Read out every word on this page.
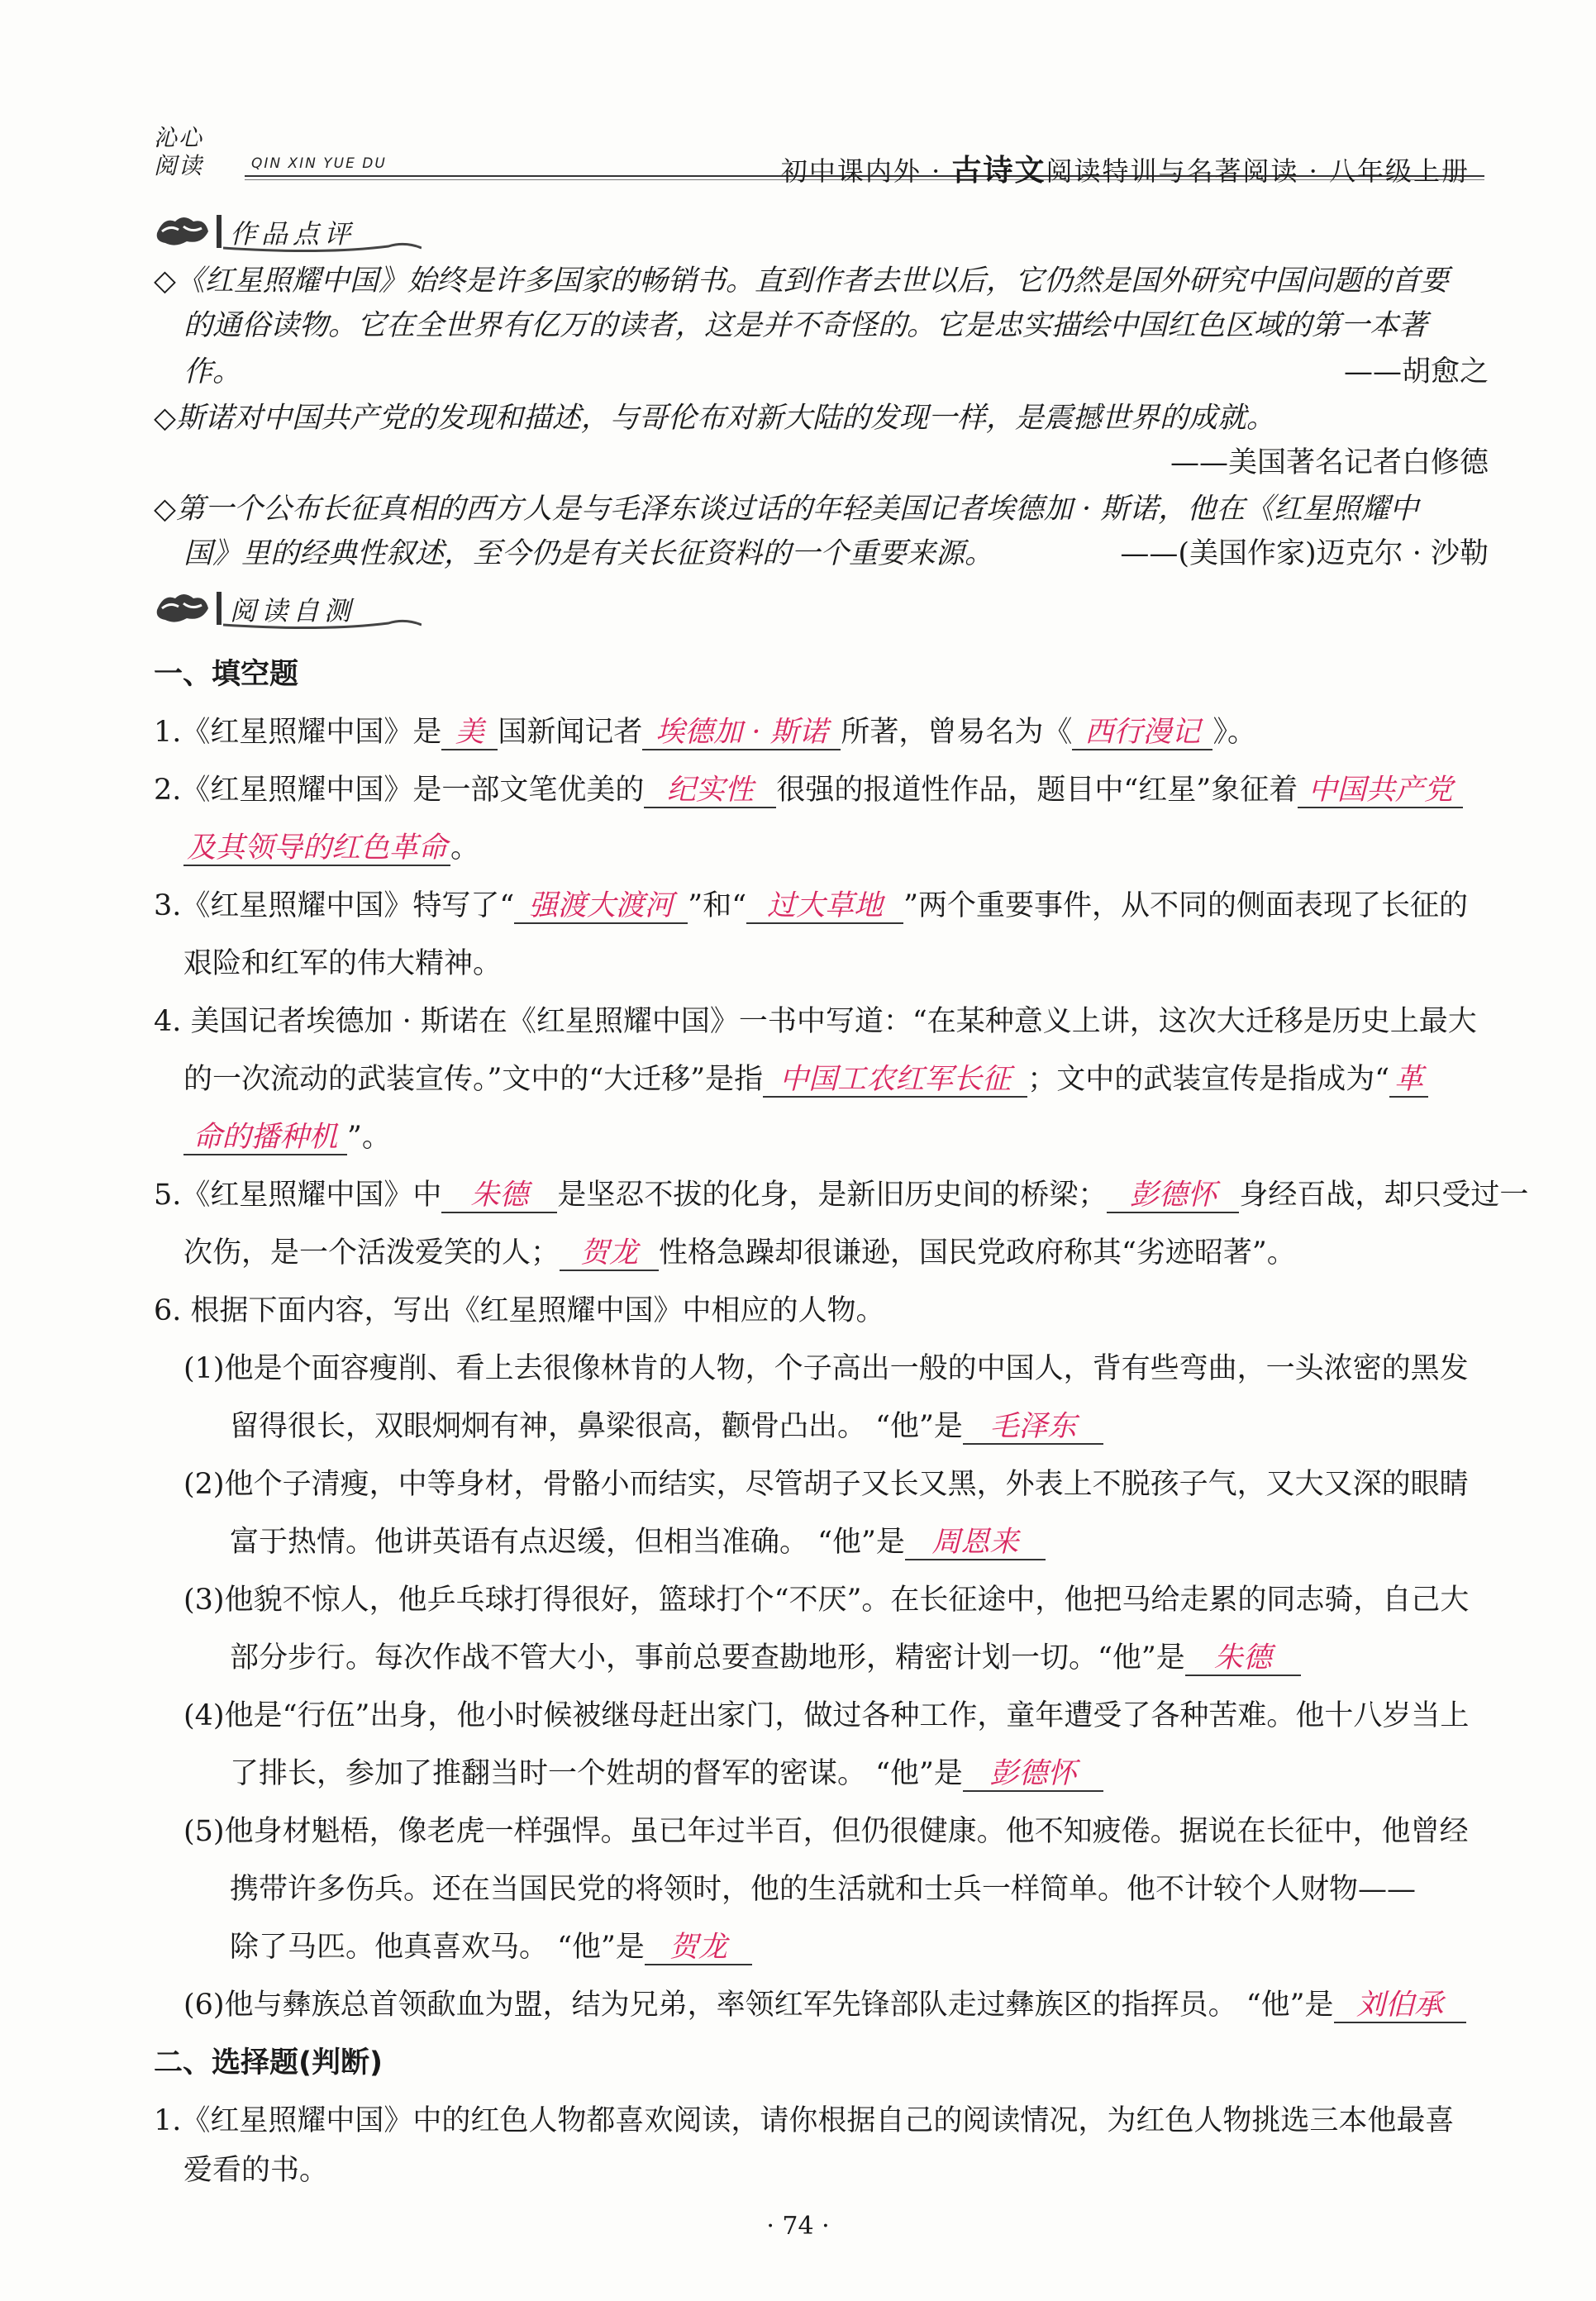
沁心
阅读	QIN XIN YUE DU	初中课内外 · 古诗文阅读特训与名著阅读 · 八年级上册
作品点评
◇《红星照耀中国》始终是许多国家的畅销书。直到作者去世以后，它仍然是国外研究中国问题的首要
的通俗读物。它在全世界有亿万的读者，这是并不奇怪的。它是忠实描绘中国红色区域的第一本著
作。	——胡愈之
◇斯诺对中国共产党的发现和描述，与哥伦布对新大陆的发现一样，是震撼世界的成就。
——美国著名记者白修德
◇第一个公布长征真相的西方人是与毛泽东谈过话的年轻美国记者埃德加 · 斯诺，他在《红星照耀中
国》里的经典性叙述，至今仍是有关长征资料的一个重要来源。	——(美国作家)迈克尔 · 沙勒
阅读自测
一、填空题
1.《红星照耀中国》是 美 国新闻记者 埃德加 · 斯诺 所著，曾易名为《 西行漫记 》。
2.《红星照耀中国》是一部文笔优美的 纪实性 很强的报道性作品，题目中“红星”象征着 中国共产党
及其领导的红色革命 。
3.《红星照耀中国》特写了“ 强渡大渡河 ”和“ 过大草地 ”两个重要事件，从不同的侧面表现了长征的
艰险和红军的伟大精神。
4. 美国记者埃德加 · 斯诺在《红星照耀中国》一书中写道：“在某种意义上讲，这次大迁移是历史上最大
的一次流动的武装宣传。”文中的“大迁移”是指 中国工农红军长征 ；文中的武装宣传是指成为“ 革
命的播种机 ”。
5.《红星照耀中国》中 朱德 是坚忍不拔的化身，是新旧历史间的桥梁； 彭德怀 身经百战，却只受过一
次伤，是一个活泼爱笑的人； 贺龙 性格急躁却很谦逊，国民党政府称其“劣迹昭著”。
6. 根据下面内容，写出《红星照耀中国》中相应的人物。
(1)他是个面容瘦削、看上去很像林肯的人物，个子高出一般的中国人，背有些弯曲，一头浓密的黑发
留得很长，双眼炯炯有神，鼻梁很高，颧骨凸出。 “他”是 毛泽东
(2)他个子清瘦，中等身材，骨骼小而结实，尽管胡子又长又黑，外表上不脱孩子气，又大又深的眼睛
富于热情。他讲英语有点迟缓，但相当准确。 “他”是 周恩来
(3)他貌不惊人，他乒乓球打得很好，篮球打个“不厌”。在长征途中，他把马给走累的同志骑，自己大
部分步行。每次作战不管大小，事前总要查勘地形，精密计划一切。“他”是 朱德
(4)他是“行伍”出身，他小时候被继母赶出家门，做过各种工作，童年遭受了各种苦难。他十八岁当上
了排长，参加了推翻当时一个姓胡的督军的密谋。 “他”是 彭德怀
(5)他身材魁梧，像老虎一样强悍。虽已年过半百，但仍很健康。他不知疲倦。据说在长征中，他曾经
携带许多伤兵。还在当国民党的将领时，他的生活就和士兵一样简单。他不计较个人财物——
除了马匹。他真喜欢马。 “他”是 贺龙
(6)他与彝族总首领歃血为盟，结为兄弟，率领红军先锋部队走过彝族区的指挥员。 “他”是 刘伯承
二、选择题(判断)
1.《红星照耀中国》中的红色人物都喜欢阅读，请你根据自己的阅读情况，为红色人物挑选三本他最喜
爱看的书。
· 74 ·
